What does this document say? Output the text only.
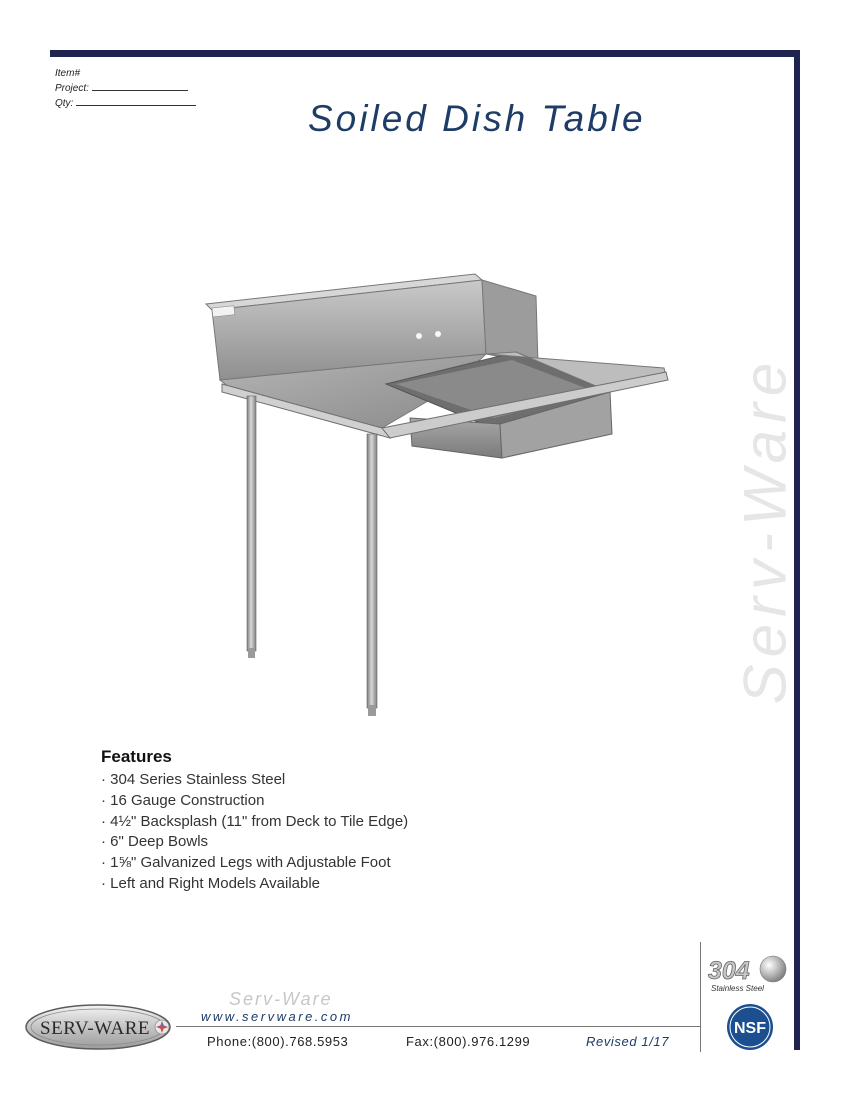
Item#
Project:
Qty:	Soiled Dish Table
Serv-Ware
Features
· 304 Series Stainless Steel
· 16 Gauge Construction
· 4½" Backsplash (11" from Deck to Tile Edge)
· 6" Deep Bowls
· 1⅝" Galvanized Legs with Adjustable Foot
· Left and Right Models Available
304
Stainless Steel
NSF
SERV-WARE
Serv-Ware
www.servware.com
Phone:(800).768.5953	Fax:(800).976.1299	Revised 1/17
